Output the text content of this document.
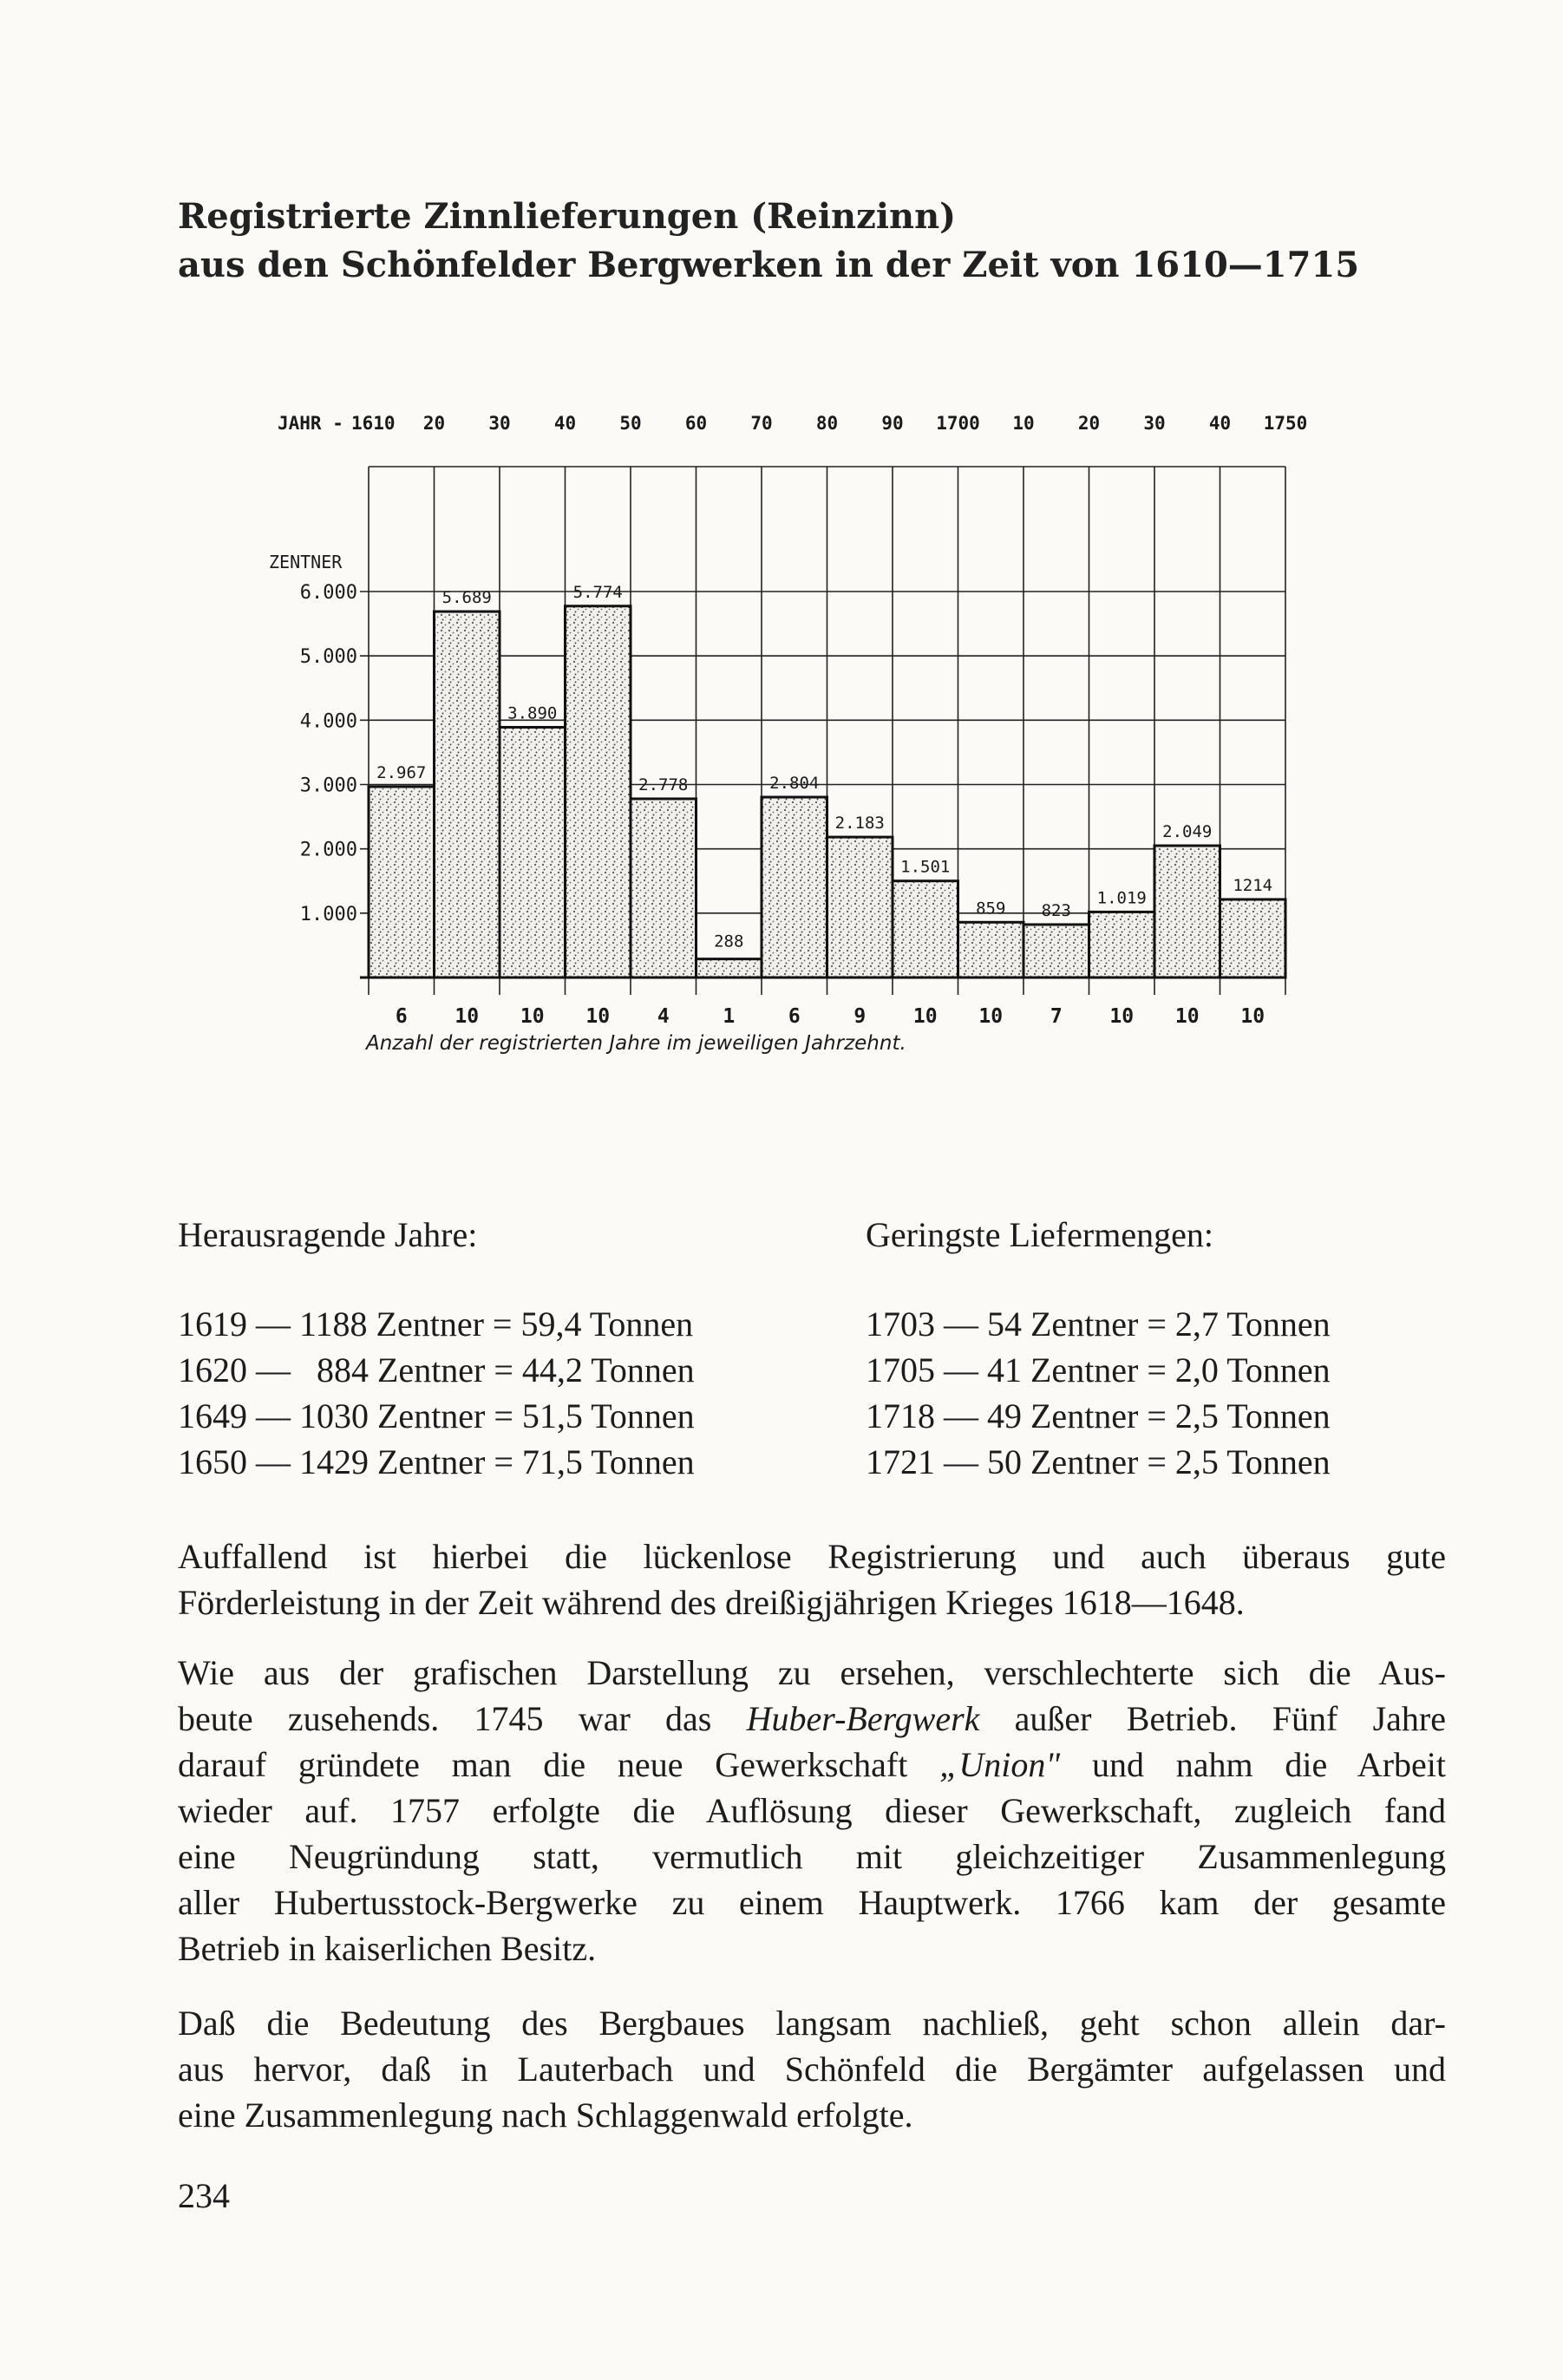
Registrierte Zinnlieferungen (Reinzinn)
aus den Schönfelder Bergwerken in der Zeit von 1610—1715
JAHR - 1610 20 30 40 50 60 70 80 90 1700 10 20 30 40 1750
ZENTNER
6.000
5.000
4.000
3.000
2.000
1.000
2.967
5.689
3.890
5.774
2.778
288
2.804
2.183
1.501
859 823
1.019
2.049
1214
6 10 10 10 4	1	6	9 10 10 7 10 10 10
Anzahl der registrierten Jahre im jeweiligen Jahrzehnt.
Herausragende Jahre:	Geringste Liefermengen:
1619 — 1188 Zentner = 59,4 Tonnen
1620 —   884 Zentner = 44,2 Tonnen
1649 — 1030 Zentner = 51,5 Tonnen
1650 — 1429 Zentner = 71,5 Tonnen
1703 — 54 Zentner = 2,7 Tonnen
1705 — 41 Zentner = 2,0 Tonnen
1718 — 49 Zentner = 2,5 Tonnen
1721 — 50 Zentner = 2,5 Tonnen
Auffallend ist hierbei die lückenlose Registrierung und auch überaus gute
Förderleistung in der Zeit während des dreißigjährigen Krieges 1618—1648.
Wie aus der grafischen Darstellung zu ersehen, verschlechterte sich die Aus-
beute zusehends. 1745 war das Huber-Bergwerk außer Betrieb. Fünf Jahre
darauf gründete man die neue Gewerkschaft „Union" und nahm die Arbeit
wieder auf. 1757 erfolgte die Auflösung dieser Gewerkschaft, zugleich fand
eine Neugründung statt, vermutlich mit gleichzeitiger Zusammenlegung
aller Hubertusstock-Bergwerke zu einem Hauptwerk. 1766 kam der gesamte
Betrieb in kaiserlichen Besitz.
Daß die Bedeutung des Bergbaues langsam nachließ, geht schon allein dar-
aus hervor, daß in Lauterbach und Schönfeld die Bergämter aufgelassen und
eine Zusammenlegung nach Schlaggenwald erfolgte.
234
